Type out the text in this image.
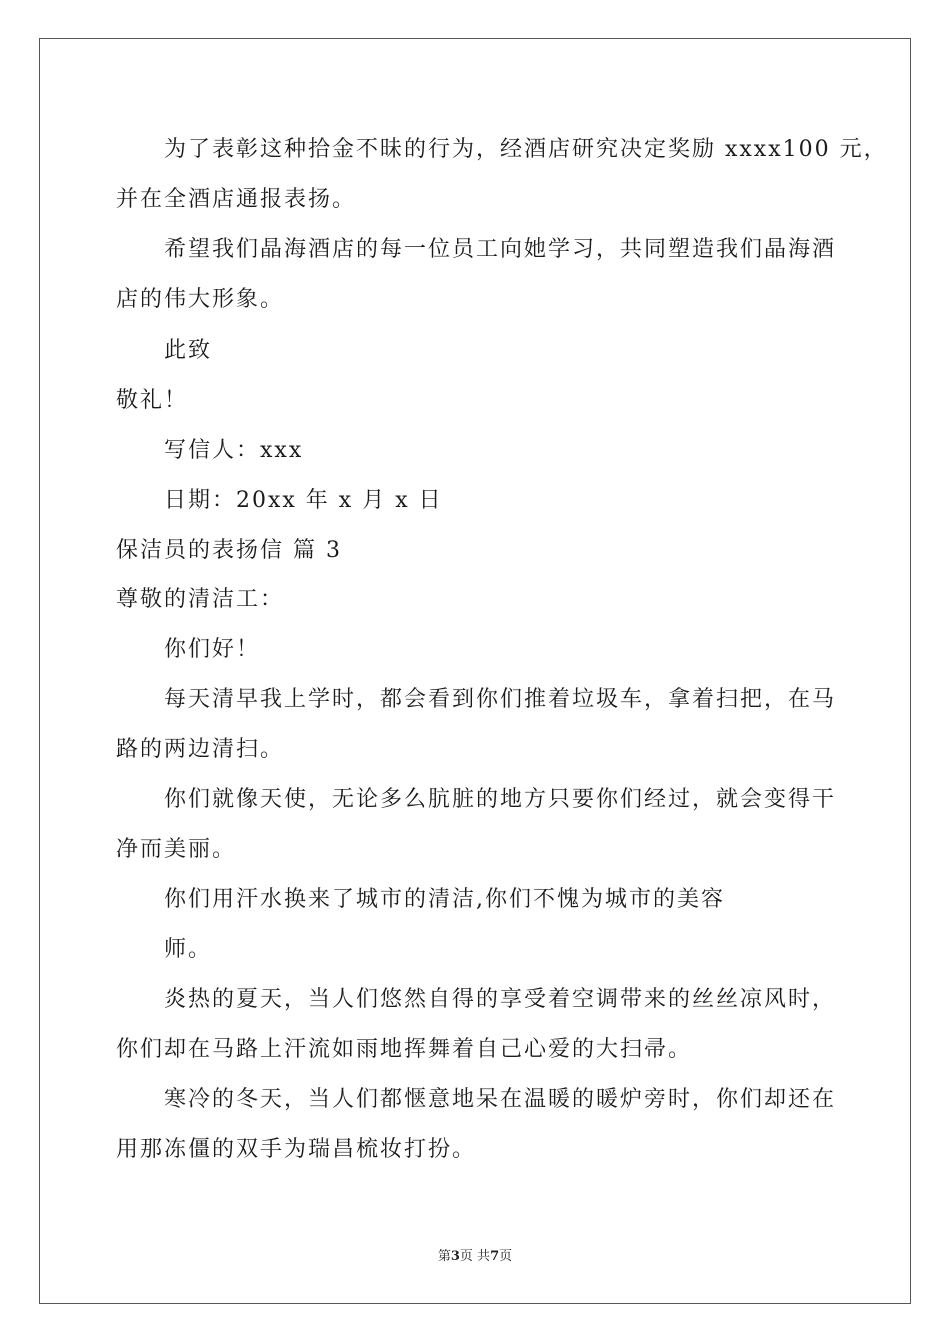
为了表彰这种拾金不昧的行为，经酒店研究决定奖励 xxxx100 元，
并在全酒店通报表扬。
希望我们晶海酒店的每一位员工向她学习，共同塑造我们晶海酒
店的伟大形象。
此致
敬礼！
写信人：xxx
日期：20xx 年 x 月 x 日
保洁员的表扬信 篇 3
尊敬的清洁工：
你们好！
每天清早我上学时，都会看到你们推着垃圾车，拿着扫把，在马
路的两边清扫。
你们就像天使，无论多么肮脏的地方只要你们经过，就会变得干
净而美丽。
你们用汗水换来了城市的清洁,你们不愧为城市的美容
师。
炎热的夏天，当人们悠然自得的享受着空调带来的丝丝凉风时，
你们却在马路上汗流如雨地挥舞着自己心爱的大扫帚。
寒冷的冬天，当人们都惬意地呆在温暖的暖炉旁时，你们却还在
用那冻僵的双手为瑞昌梳妆打扮。
第3页 共7页
